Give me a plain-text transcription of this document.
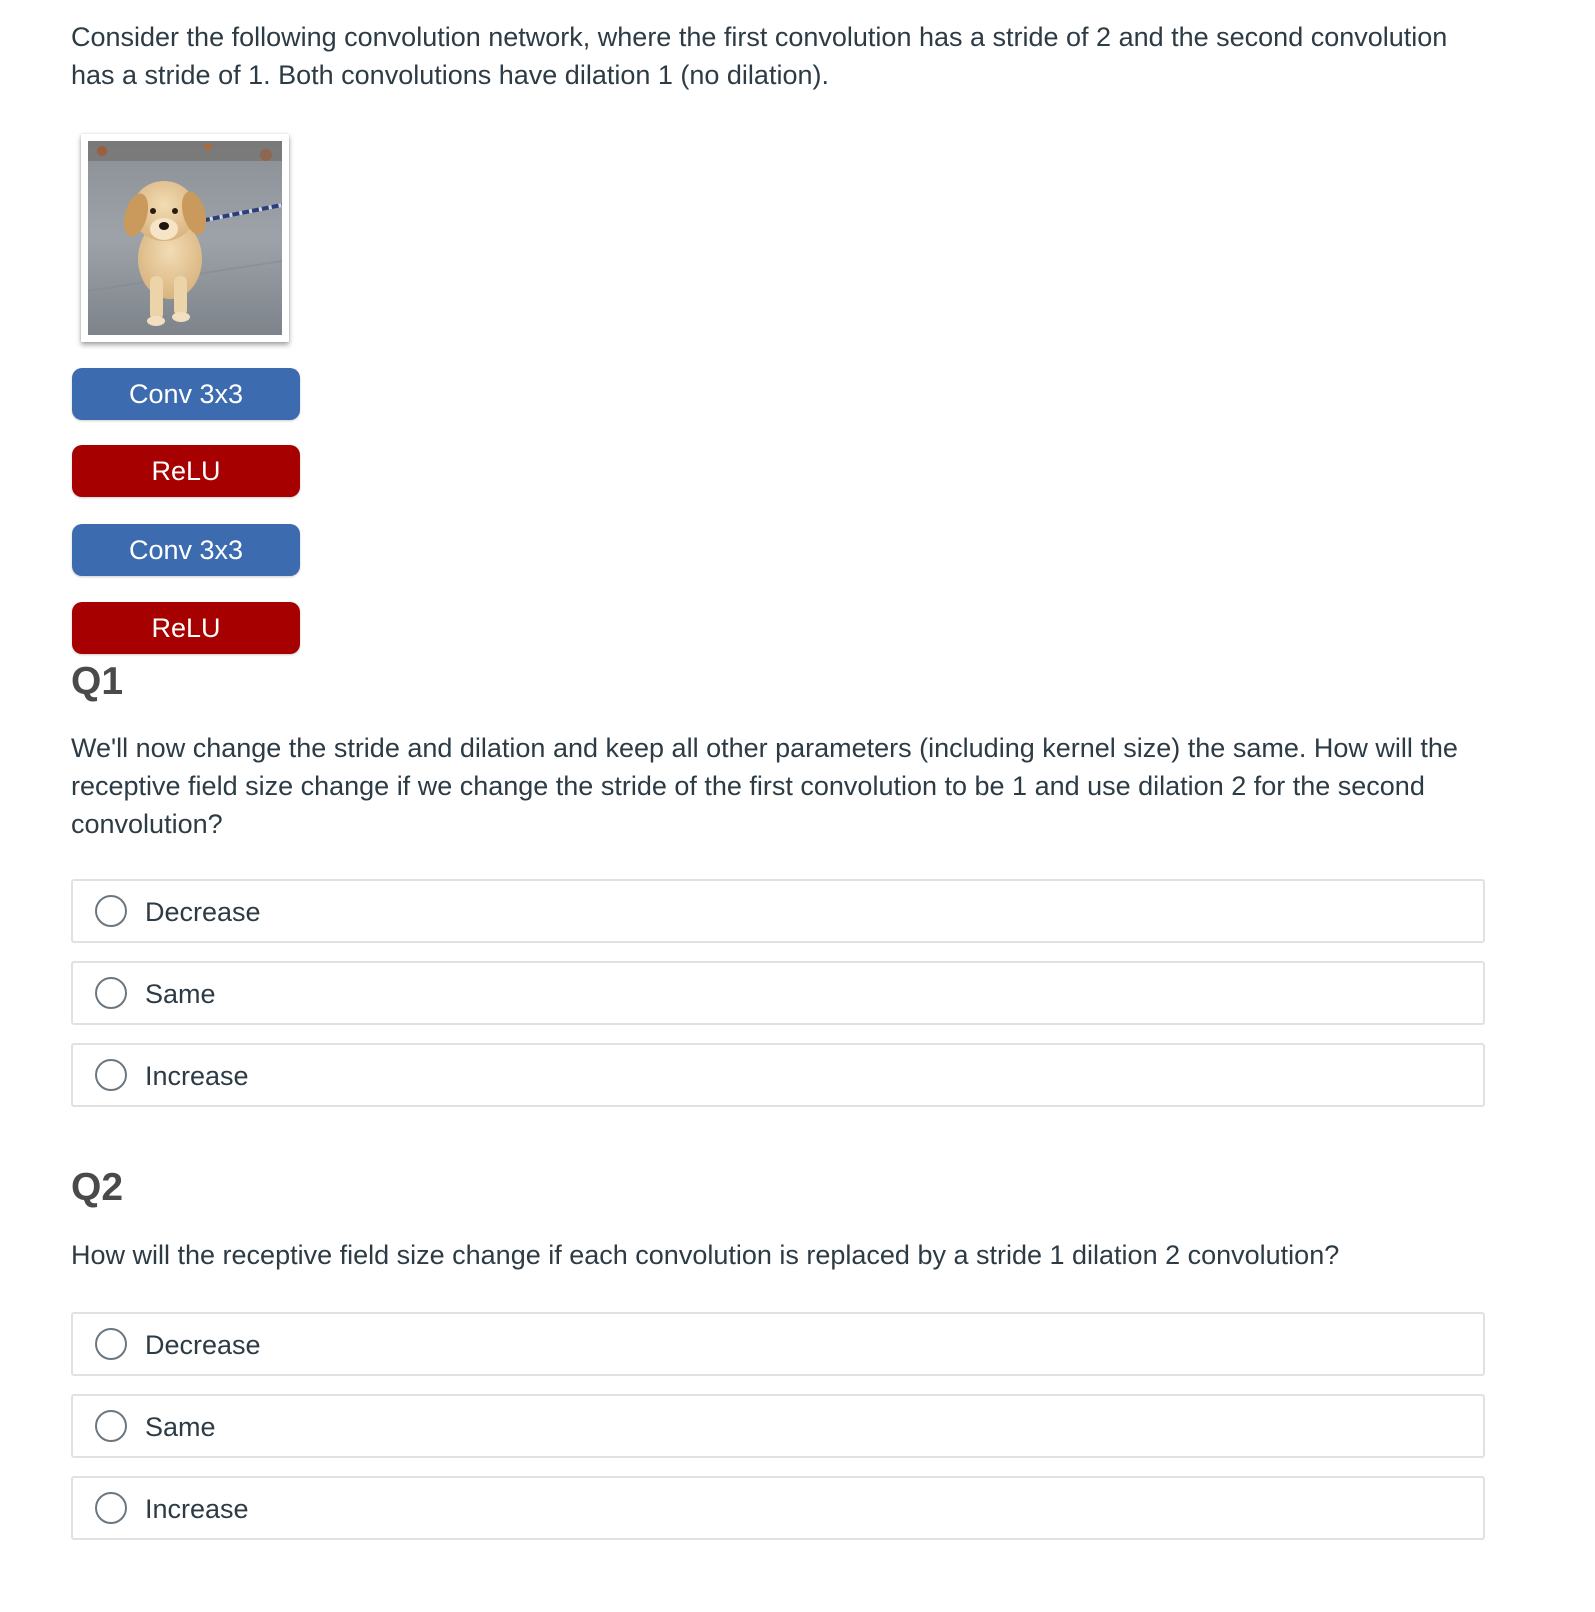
Consider the following convolution network, where the first convolution has a stride of 2 and the second convolution has a stride of 1. Both convolutions have dilation 1 (no dilation).

Conv 3x3
ReLU
Conv 3x3
ReLU
Q1

We'll now change the stride and dilation and keep all other parameters (including kernel size) the same. How will the receptive field size change if we change the stride of the first convolution to be 1 and use dilation 2 for the second convolution?

Decrease
Same
Increase
Q2

How will the receptive field size change if each convolution is replaced by a stride 1 dilation 2 convolution?

Decrease
Same
Increase
